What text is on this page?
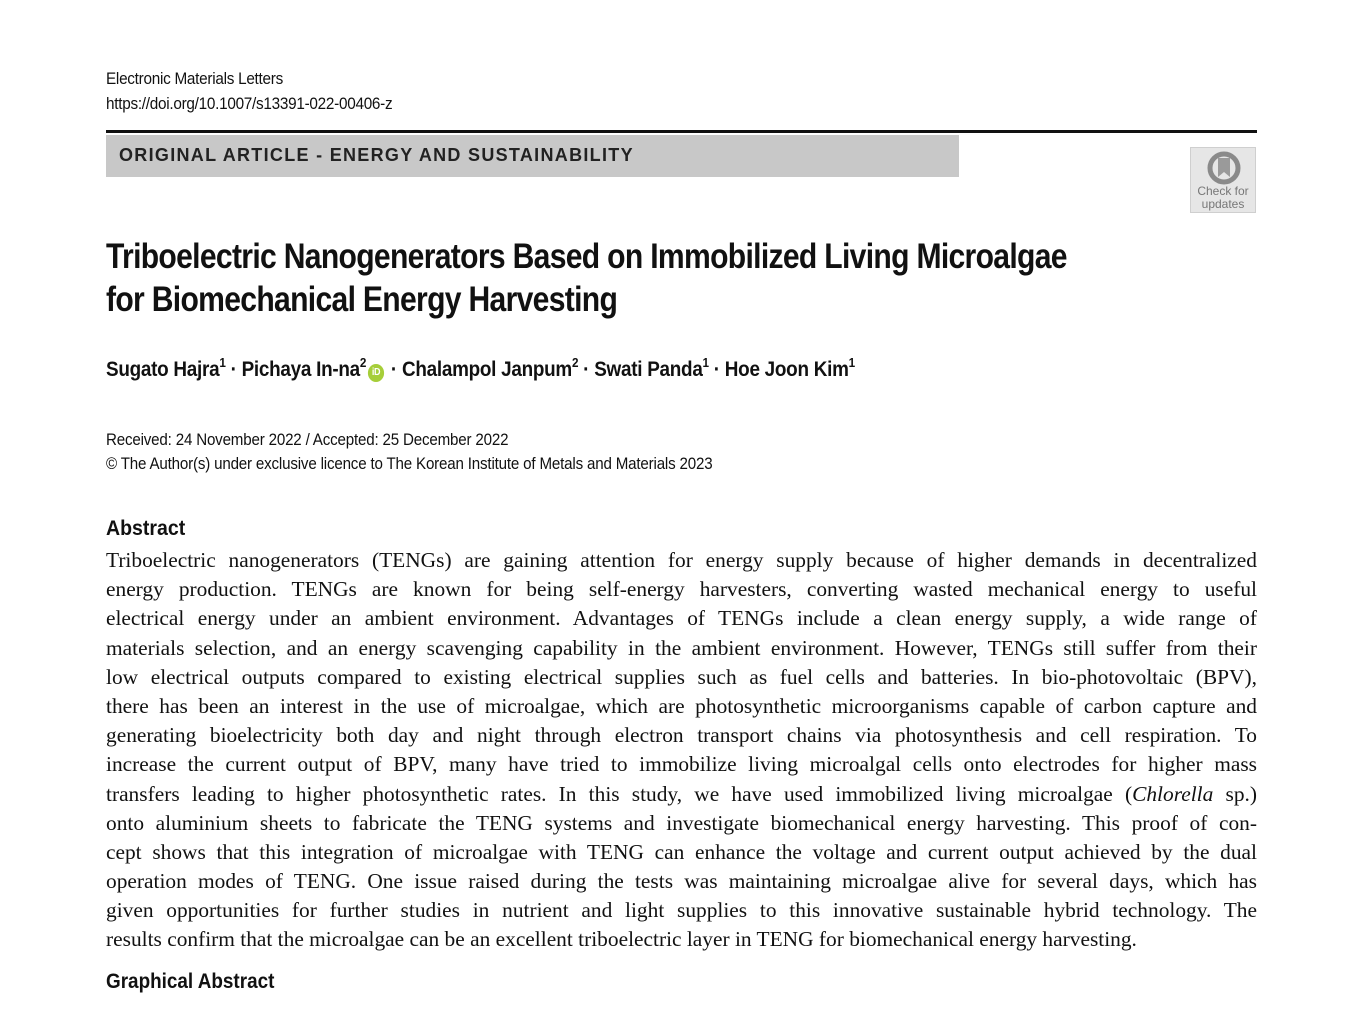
Electronic Materials Letters
https://doi.org/10.1007/s13391-022-00406-z
ORIGINAL ARTICLE - ENERGY AND SUSTAINABILITY
Check for
updates
Triboelectric Nanogenerators Based on Immobilized Living Microalgae
for Biomechanical Energy Harvesting
Sugato Hajra$^1$ · Pichaya $In-na^2iD$ · Chalampol Janpum$^2$ · Swati Panda$^1$ · Hoe Joon Kim$^1$
Received: 24 November 2022 / Accepted: 25 December 2022
© The Author(s) under exclusive licence to The Korean Institute of Metals and Materials 2023
Abstract
Triboelectric nanogenerators (TENGs) are gaining attention for energy supply because of higher demands in decentralized
energy production. TENGs are known for being self-energy harvesters, converting wasted mechanical energy to useful
electrical energy under an ambient environment. Advantages of TENGs include a clean energy supply, a wide range of
materials selection, and an energy scavenging capability in the ambient environment. However, TENGs still suffer from their
low electrical outputs compared to existing electrical supplies such as fuel cells and batteries. In bio-photovoltaic (BPV),
there has been an interest in the use of microalgae, which are photosynthetic microorganisms capable of carbon capture and
generating bioelectricity both day and night through electron transport chains via photosynthesis and cell respiration. To
increase the current output of BPV, many have tried to immobilize living microalgal cells onto electrodes for higher mass
transfers leading to higher photosynthetic rates. In this study, we have used immobilized living microalgae (Chlorella sp.)
onto aluminium sheets to fabricate the TENG systems and investigate biomechanical energy harvesting. This proof of con-
cept shows that this integration of microalgae with TENG can enhance the voltage and current output achieved by the dual
operation modes of TENG. One issue raised during the tests was maintaining microalgae alive for several days, which has
given opportunities for further studies in nutrient and light supplies to this innovative sustainable hybrid technology. The
results confirm that the microalgae can be an excellent triboelectric layer in TENG for biomechanical energy harvesting.
Graphical Abstract
